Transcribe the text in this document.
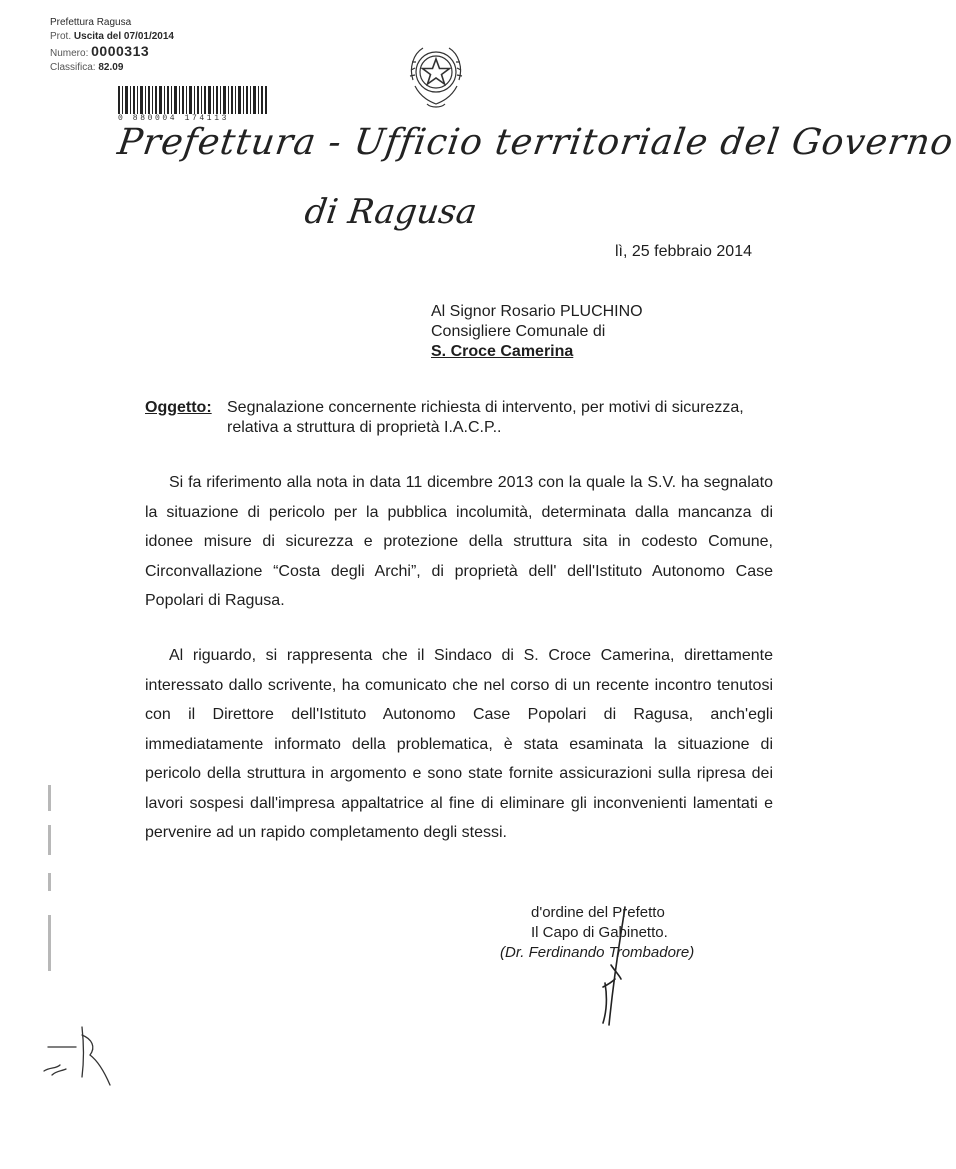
Prefettura Ragusa
Prot. Uscita del 07/01/2014
Numero: 0000313
Classifica: 82.09
0 880004 174113
Prefettura - Ufficio territoriale del Governo
di Ragusa
lì, 25 febbraio 2014
Al Signor Rosario PLUCHINO
Consigliere Comunale di
S. Croce Camerina
Oggetto: Segnalazione concernente richiesta di intervento, per motivi di sicurezza,
relativa a struttura di proprietà I.A.C.P..
Si fa riferimento alla nota in data 11 dicembre 2013 con la quale la S.V. ha segnalato la situazione di pericolo per la pubblica incolumità, determinata dalla mancanza di idonee misure di sicurezza e protezione della struttura sita in codesto Comune, Circonvallazione “Costa degli Archi”, di proprietà dell' dell'Istituto Autonomo Case Popolari di Ragusa.
Al riguardo, si rappresenta che il Sindaco di S. Croce Camerina, direttamente interessato dallo scrivente, ha comunicato che nel corso di un recente incontro tenutosi con il Direttore dell'Istituto Autonomo Case Popolari di Ragusa, anch'egli immediatamente informato della problematica, è stata esaminata la situazione di pericolo della struttura in argomento e sono state fornite assicurazioni sulla ripresa dei lavori sospesi dall'impresa appaltatrice al fine di eliminare gli inconvenienti lamentati e pervenire ad un rapido completamento degli stessi.
d'ordine del Prefetto
Il Capo di Gabinetto.
(Dr. Ferdinando Trombadore)
